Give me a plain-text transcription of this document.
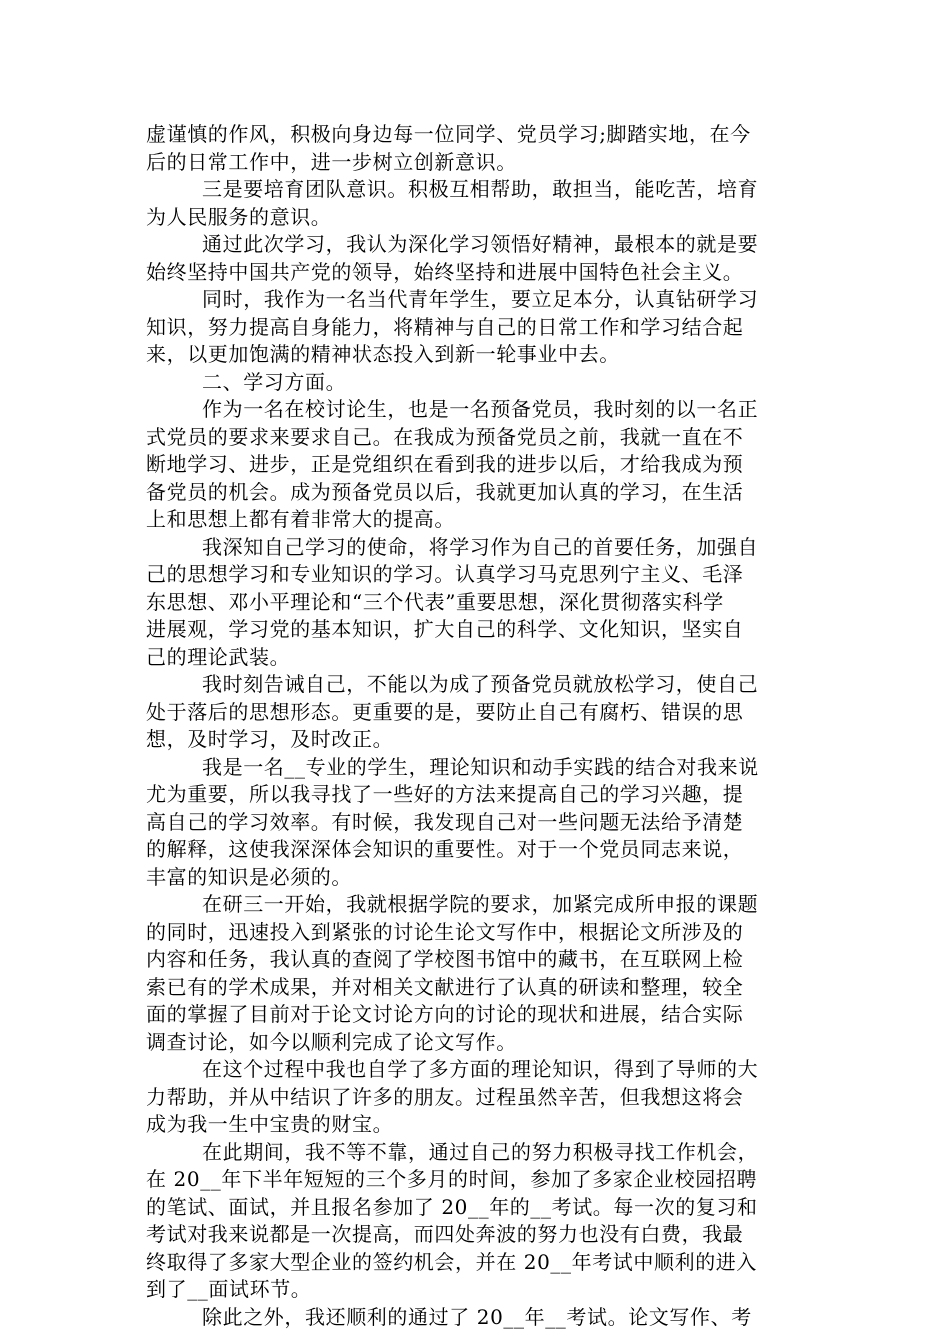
虚谨慎的作风，积极向身边每一位同学、党员学习;脚踏实地，在今
后的日常工作中，进一步树立创新意识。
三是要培育团队意识。积极互相帮助，敢担当，能吃苦，培育
为人民服务的意识。
通过此次学习，我认为深化学习领悟好精神，最根本的就是要
始终坚持中国共产党的领导，始终坚持和进展中国特色社会主义。
同时，我作为一名当代青年学生，要立足本分，认真钻研学习
知识，努力提高自身能力，将精神与自己的日常工作和学习结合起
来，以更加饱满的精神状态投入到新一轮事业中去。
二、学习方面。
作为一名在校讨论生，也是一名预备党员，我时刻的以一名正
式党员的要求来要求自己。在我成为预备党员之前，我就一直在不
断地学习、进步，正是党组织在看到我的进步以后，才给我成为预
备党员的机会。成为预备党员以后，我就更加认真的学习，在生活
上和思想上都有着非常大的提高。
我深知自己学习的使命，将学习作为自己的首要任务，加强自
己的思想学习和专业知识的学习。认真学习马克思列宁主义、毛泽
东思想、邓小平理论和“三个代表”重要思想，深化贯彻落实科学
进展观，学习党的基本知识，扩大自己的科学、文化知识，坚实自
己的理论武装。
我时刻告诫自己，不能以为成了预备党员就放松学习，使自己
处于落后的思想形态。更重要的是，要防止自己有腐朽、错误的思
想，及时学习，及时改正。
我是一名__专业的学生，理论知识和动手实践的结合对我来说
尤为重要，所以我寻找了一些好的方法来提高自己的学习兴趣，提
高自己的学习效率。有时候，我发现自己对一些问题无法给予清楚
的解释，这使我深深体会知识的重要性。对于一个党员同志来说，
丰富的知识是必须的。
在研三一开始，我就根据学院的要求，加紧完成所申报的课题
的同时，迅速投入到紧张的讨论生论文写作中，根据论文所涉及的
内容和任务，我认真的查阅了学校图书馆中的藏书，在互联网上检
索已有的学术成果，并对相关文献进行了认真的研读和整理，较全
面的掌握了目前对于论文讨论方向的讨论的现状和进展，结合实际
调查讨论，如今以顺利完成了论文写作。
在这个过程中我也自学了多方面的理论知识，得到了导师的大
力帮助，并从中结识了许多的朋友。过程虽然辛苦，但我想这将会
成为我一生中宝贵的财宝。
在此期间，我不等不靠，通过自己的努力积极寻找工作机会，
在 20__年下半年短短的三个多月的时间，参加了多家企业校园招聘
的笔试、面试，并且报名参加了 20__年的__考试。每一次的复习和
考试对我来说都是一次提高，而四处奔波的努力也没有白费，我最
终取得了多家大型企业的签约机会，并在 20__年考试中顺利的进入
到了__面试环节。
除此之外，我还顺利的通过了 20__年__考试。论文写作、考
